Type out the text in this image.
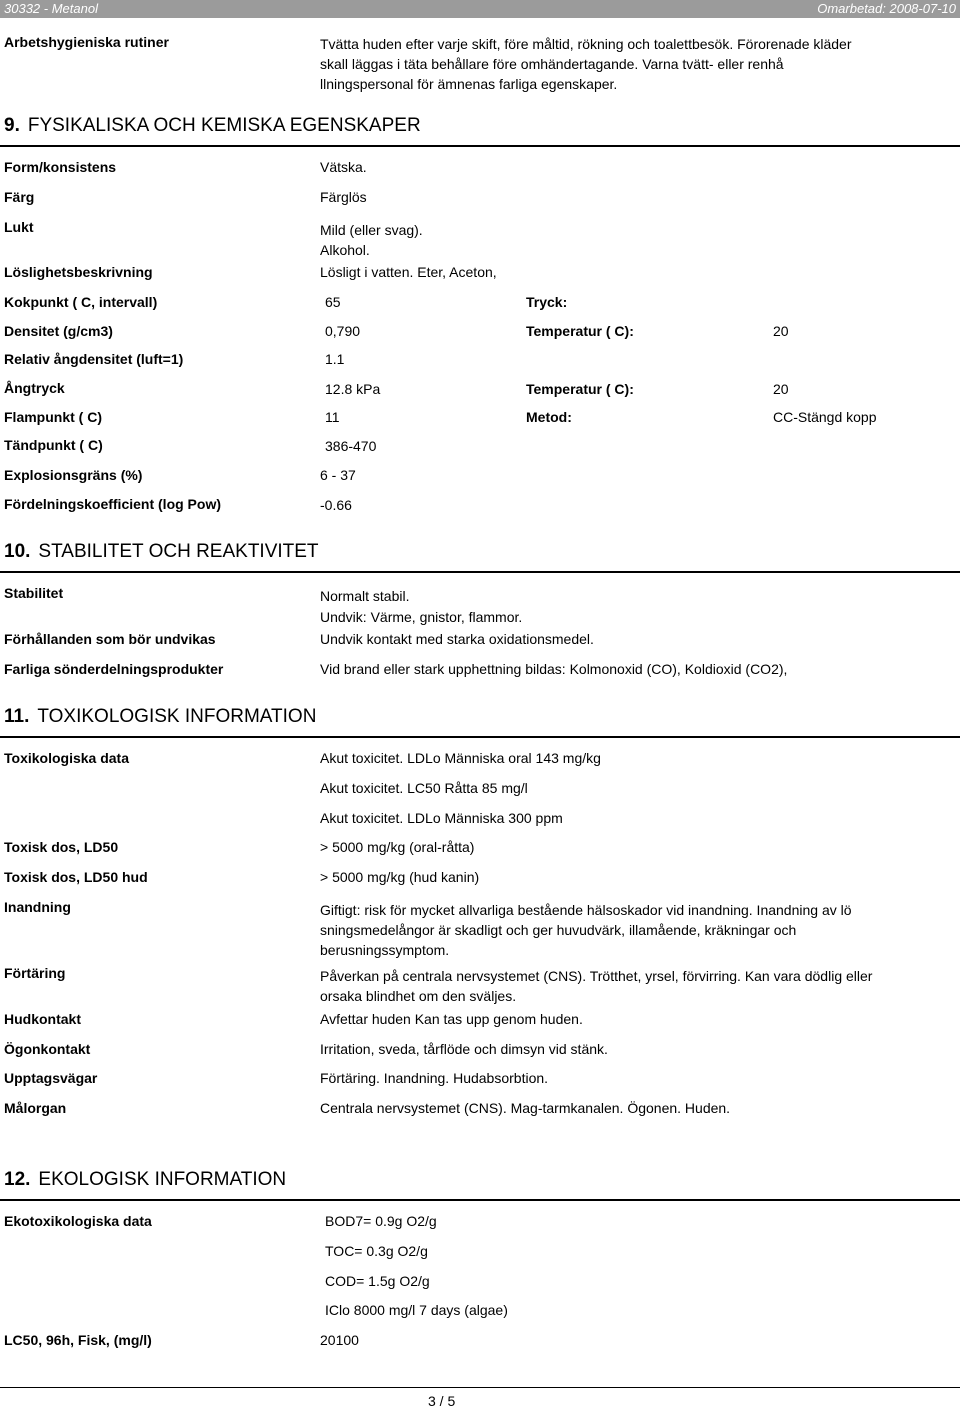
30332 - Metanol	Omarbetad: 2008-07-10
Arbetshygieniska rutiner	Tvätta huden efter varje skift, före måltid, rökning och toalettbesök. Förorenade kläder skall läggas i täta behållare före omhändertagande. Varna tvätt- eller renhå llningspersonal för ämnenas farliga egenskaper.
9. FYSIKALISKA OCH KEMISKA EGENSKAPER
Form/konsistens	Vätska.
Färg	Färglös
Lukt	Mild (eller svag).
Alkohol.
Löslighetsbeskrivning	Lösligt i vatten. Eter, Aceton,
Kokpunkt ( C, intervall)	65	Tryck:
Densitet (g/cm3)	0,790	Temperatur ( C):	20
Relativ ångdensitet (luft=1)	1.1
Ångtryck	12.8 kPa	Temperatur ( C):	20
Flampunkt ( C)	11	Metod:	CC-Stängd kopp
Tändpunkt ( C)	386-470
Explosionsgräns (%)	6 - 37
Fördelningskoefficient (log Pow)	-0.66
10. STABILITET OCH REAKTIVITET
Stabilitet	Normalt stabil.
Undvik: Värme, gnistor, flammor.
Förhållanden som bör undvikas	Undvik kontakt med starka oxidationsmedel.
Farliga sönderdelningsprodukter	Vid brand eller stark upphettning bildas: Kolmonoxid (CO), Koldioxid (CO2),
11. TOXIKOLOGISK INFORMATION
Toxikologiska data	Akut toxicitet. LDLo Människa oral 143 mg/kg
Akut toxicitet. LC50 Råtta 85 mg/l
Akut toxicitet. LDLo Människa 300 ppm
Toxisk dos, LD50	> 5000 mg/kg (oral-råtta)
Toxisk dos, LD50 hud	> 5000 mg/kg (hud kanin)
Inandning	Giftigt: risk för mycket allvarliga bestående hälsoskador vid inandning. Inandning av lö sningsmedelångor är skadligt och ger huvudvärk, illamående, kräkningar och berusningssymptom.
Förtäring	Påverkan på centrala nervsystemet (CNS). Trötthet, yrsel, förvirring. Kan vara dödlig eller orsaka blindhet om den sväljes.
Hudkontakt	Avfettar huden Kan tas upp genom huden.
Ögonkontakt	Irritation, sveda, tårflöde och dimsyn vid stänk.
Upptagsvägar	Förtäring. Inandning. Hudabsorbtion.
Målorgan	Centrala nervsystemet (CNS). Mag-tarmkanalen. Ögonen. Huden.
12. EKOLOGISK INFORMATION
Ekotoxikologiska data	BOD7= 0.9g O2/g
TOC= 0.3g O2/g
COD= 1.5g O2/g
IClo 8000 mg/l 7 days (algae)
LC50, 96h, Fisk, (mg/l)	20100
3 / 5
